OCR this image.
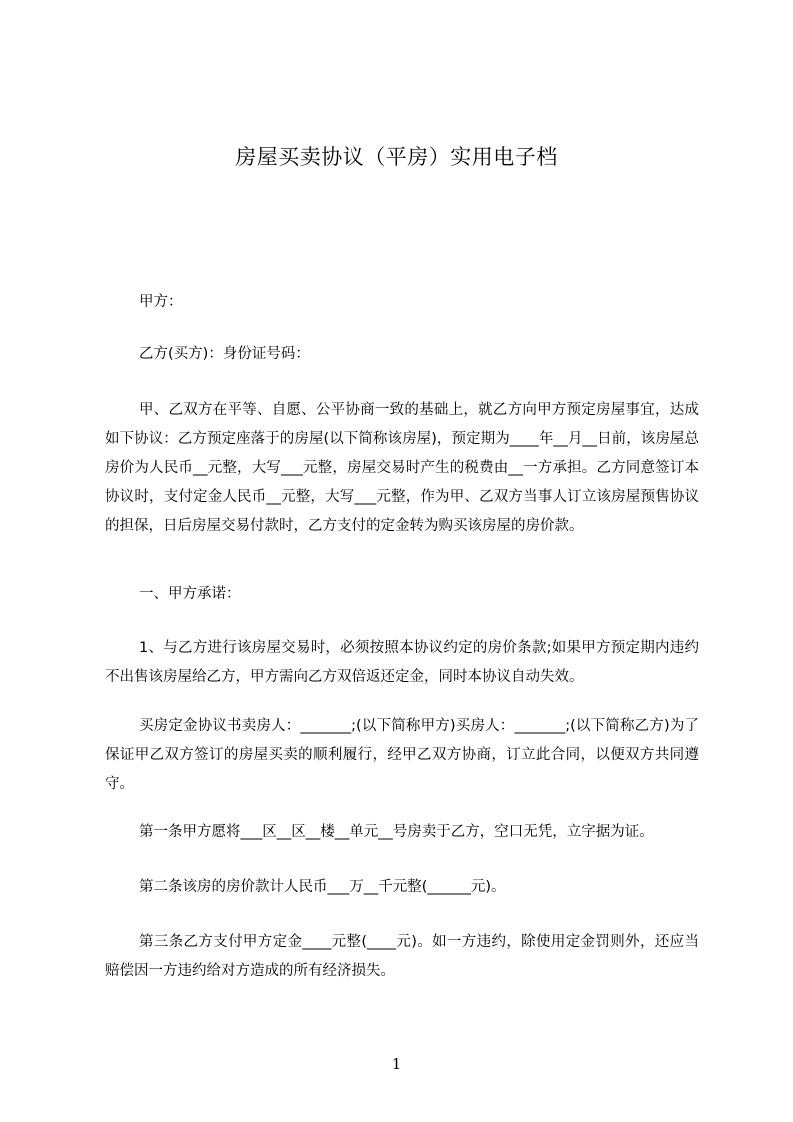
房屋买卖协议（平房）实用电子档

甲方：

乙方(买方)：身份证号码：

甲、乙双方在平等、自愿、公平协商一致的基础上，就乙方向甲方预定房屋事宜，达成如下协议：乙方预定座落于的房屋(以下简称该房屋)，预定期为____年__月__日前，该房屋总房价为人民币__元整，大写___元整，房屋交易时产生的税费由__一方承担。乙方同意签订本协议时，支付定金人民币__元整，大写___元整，作为甲、乙双方当事人订立该房屋预售协议的担保，日后房屋交易付款时，乙方支付的定金转为购买该房屋的房价款。

一、甲方承诺：

1、与乙方进行该房屋交易时，必须按照本协议约定的房价条款;如果甲方预定期内违约不出售该房屋给乙方，甲方需向乙方双倍返还定金，同时本协议自动失效。

买房定金协议书卖房人：_______;(以下简称甲方)买房人：_______;(以下简称乙方)为了保证甲乙双方签订的房屋买卖的顺利履行，经甲乙双方协商，订立此合同，以便双方共同遵守。

第一条甲方愿将___区__区__楼__单元__号房卖于乙方，空口无凭，立字据为证。

第二条该房的房价款计人民币___万__千元整(______元)。

第三条乙方支付甲方定金____元整(____元)。如一方违约，除使用定金罚则外，还应当赔偿因一方违约给对方造成的所有经济损失。

1
